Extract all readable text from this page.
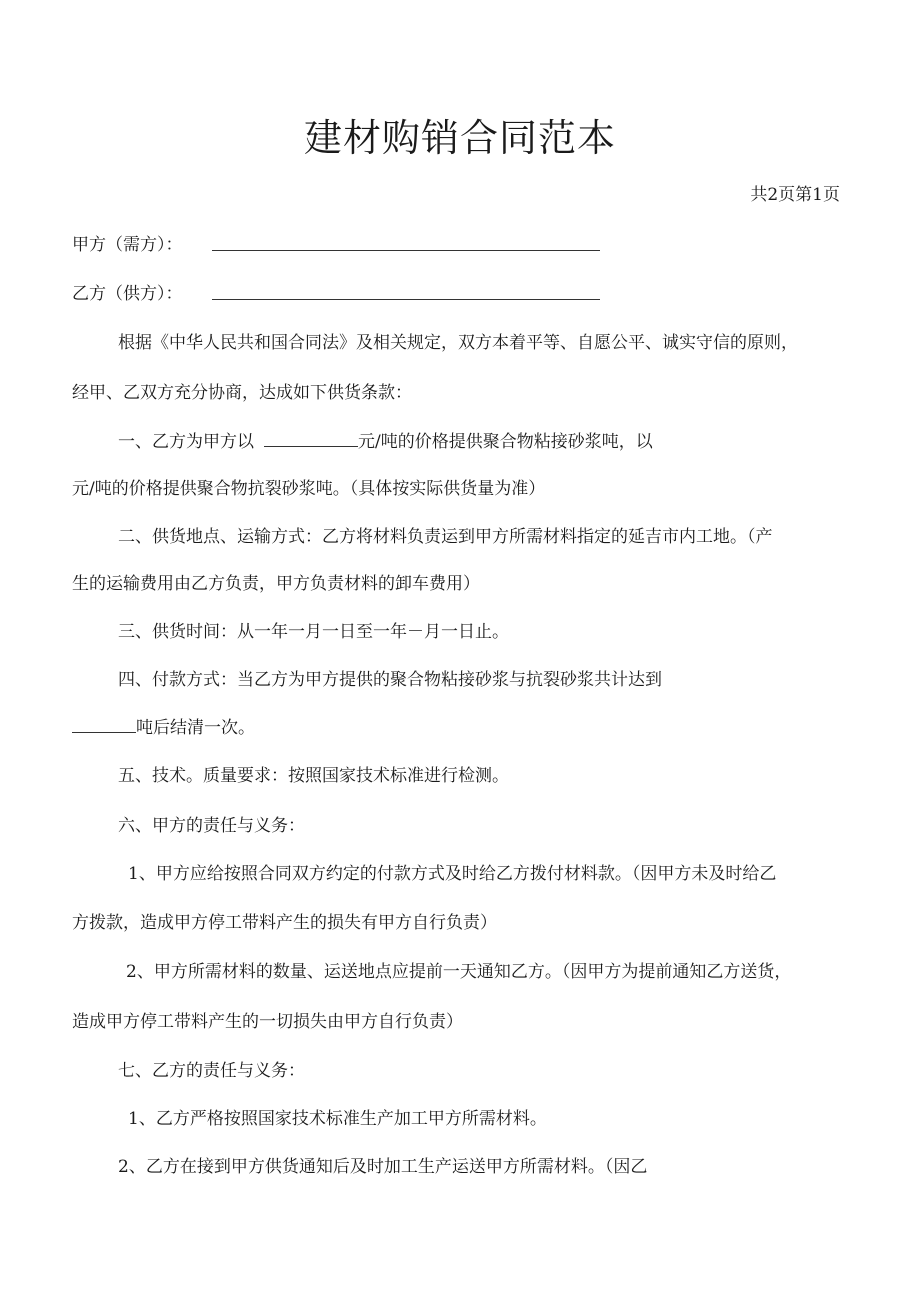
建材购销合同范本
共2页第1页
甲方（需方）：
乙方（供方）：
根据《中华人民共和国合同法》及相关规定，双方本着平等、自愿公平、诚实守信的原则，
经甲、乙双方充分协商，达成如下供货条款：
一、乙方为甲方以	元/吨的价格提供聚合物粘接砂浆吨，以
元/吨的价格提供聚合物抗裂砂浆吨。（具体按实际供货量为准）
二、供货地点、运输方式：乙方将材料负责运到甲方所需材料指定的延吉市内工地。（产
生的运输费用由乙方负责，甲方负责材料的卸车费用）
三、供货时间：从一年一月一日至一年－月一日止。
四、付款方式：当乙方为甲方提供的聚合物粘接砂浆与抗裂砂浆共计达到
吨后结清一次。
五、技术。质量要求：按照国家技术标准进行检测。
六、甲方的责任与义务：
1、甲方应给按照合同双方约定的付款方式及时给乙方拨付材料款。（因甲方未及时给乙
方拨款，造成甲方停工带料产生的损失有甲方自行负责）
2、甲方所需材料的数量、运送地点应提前一天通知乙方。（因甲方为提前通知乙方送货，
造成甲方停工带料产生的一切损失由甲方自行负责）
七、乙方的责任与义务：
1、乙方严格按照国家技术标准生产加工甲方所需材料。
2、乙方在接到甲方供货通知后及时加工生产运送甲方所需材料。（因乙
